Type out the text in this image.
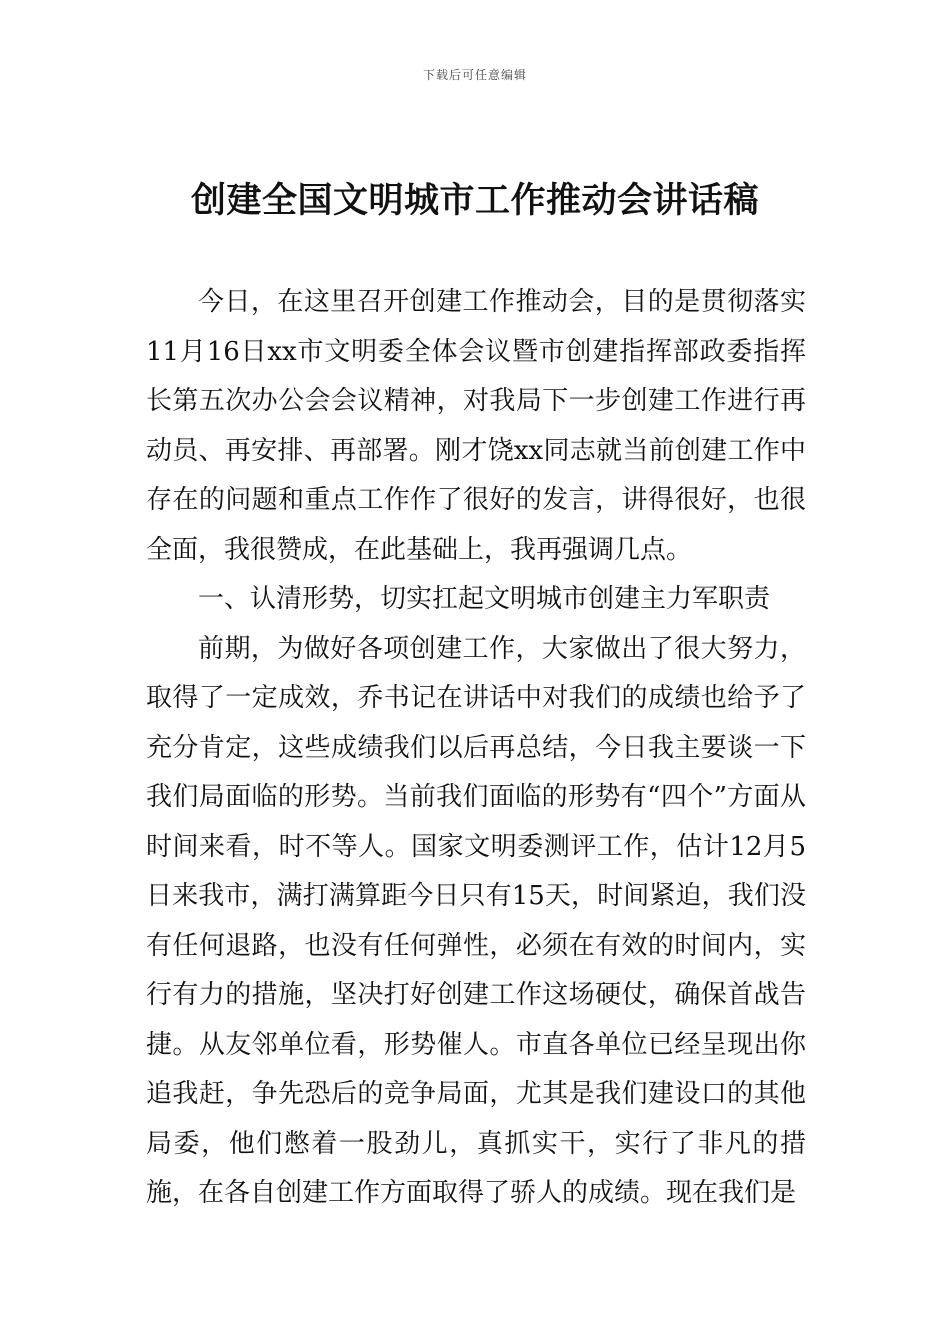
下载后可任意编辑
创建全国文明城市工作推动会讲话稿

今日，在这里召开创建工作推动会，目的是贯彻落实11月16日xx市文明委全体会议暨市创建指挥部政委指挥长第五次办公会会议精神，对我局下一步创建工作进行再动员、再安排、再部署。刚才饶xx同志就当前创建工作中存在的问题和重点工作作了很好的发言，讲得很好，也很全面，我很赞成，在此基础上，我再强调几点。

一、认清形势，切实扛起文明城市创建主力军职责

前期，为做好各项创建工作，大家做出了很大努力，取得了一定成效，乔书记在讲话中对我们的成绩也给予了充分肯定，这些成绩我们以后再总结，今日我主要谈一下我们局面临的形势。当前我们面临的形势有“四个”方面从时间来看，时不等人。国家文明委测评工作，估计12月5日来我市，满打满算距今日只有15天，时间紧迫，我们没有任何退路，也没有任何弹性，必须在有效的时间内，实行有力的措施，坚决打好创建工作这场硬仗，确保首战告捷。从友邻单位看，形势催人。市直各单位已经呈现出你追我赶，争先恐后的竞争局面，尤其是我们建设口的其他局委，他们憋着一股劲儿，真抓实干，实行了非凡的措施，在各自创建工作方面取得了骄人的成绩。现在我们是
